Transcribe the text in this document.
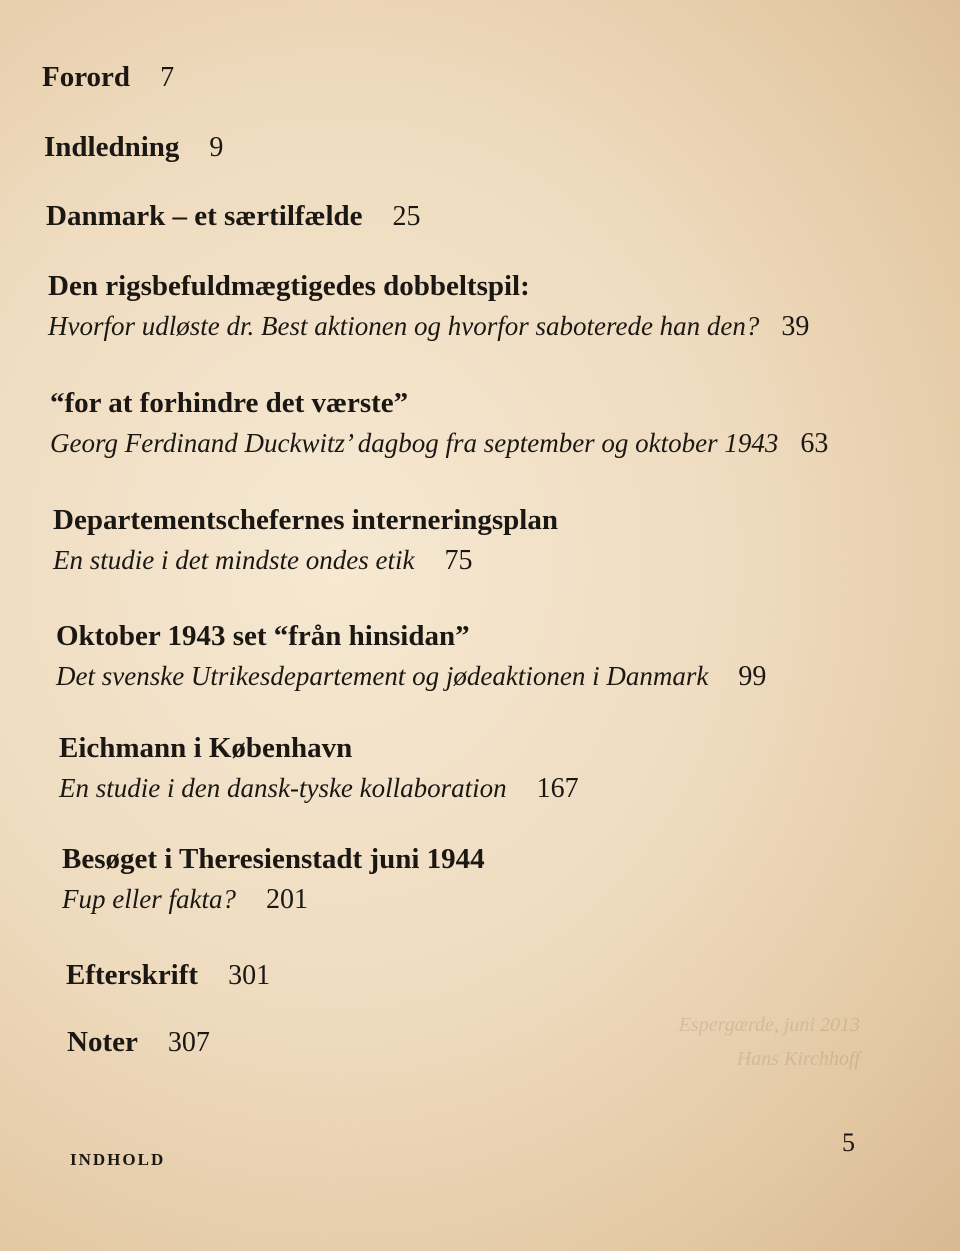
Espergærde, juni 2013
Hans Kirchhoff
Forord 7
Indledning 9
Danmark – et særtilfælde 25
Den rigsbefuldmægtigedes dobbeltspil:
Hvorfor udløste dr. Best aktionen og hvorfor saboterede han den? 39
“for at forhindre det værste”
Georg Ferdinand Duckwitz’ dagbog fra september og oktober 1943 63
Departementschefernes interneringsplan
En studie i det mindste ondes etik 75
Oktober 1943 set “från hinsidan”
Det svenske Utrikesdepartement og jødeaktionen i Danmark 99
Eichmann i København
En studie i den dansk-tyske kollaboration 167
Besøget i Theresienstadt juni 1944
Fup eller fakta? 201
Efterskrift 301
Noter 307
INDHOLD
5
